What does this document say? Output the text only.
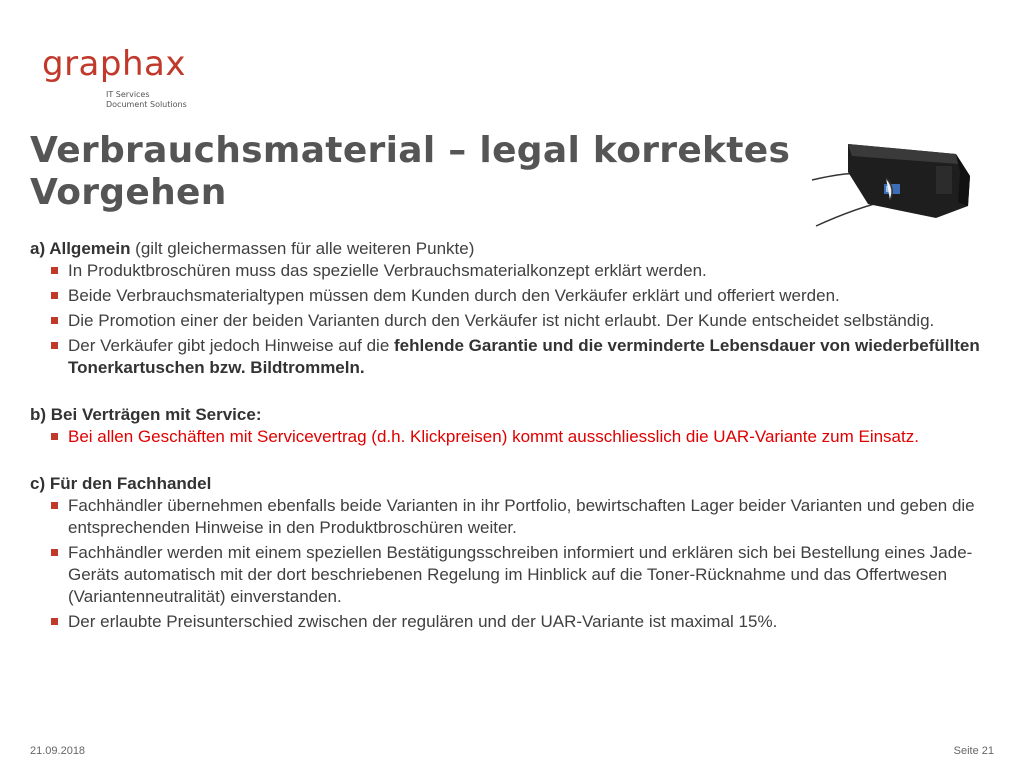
graphax
IT Services
Document Solutions
Verbrauchsmaterial – legal korrektes Vorgehen

a) Allgemein (gilt gleichermassen für alle weiteren Punkte)

In Produktbroschüren muss das spezielle Verbrauchsmaterialkonzept erklärt werden.
Beide Verbrauchsmaterialtypen müssen dem Kunden durch den Verkäufer erklärt und offeriert werden.
Die Promotion einer der beiden Varianten durch den Verkäufer ist nicht erlaubt. Der Kunde entscheidet selbständig.
Der Verkäufer gibt jedoch Hinweise auf die fehlende Garantie und die verminderte Lebensdauer von wiederbefüllten Tonerkartuschen bzw. Bildtrommeln.

b) Bei Verträgen mit Service:

Bei allen Geschäften mit Servicevertrag (d.h. Klickpreisen) kommt ausschliesslich die UAR-Variante zum Einsatz.

c) Für den Fachhandel

Fachhändler übernehmen ebenfalls beide Varianten in ihr Portfolio, bewirtschaften Lager beider Varianten und geben die entsprechenden Hinweise in den Produktbroschüren weiter.
Fachhändler werden mit einem speziellen Bestätigungsschreiben informiert und erklären sich bei Bestellung eines Jade-Geräts automatisch mit der dort beschriebenen Regelung im Hinblick auf die Toner-Rücknahme und das Offertwesen (Variantenneutralität) einverstanden.
Der erlaubte Preisunterschied zwischen der regulären und der UAR-Variante ist maximal 15%.
21.09.2018	Seite 21
